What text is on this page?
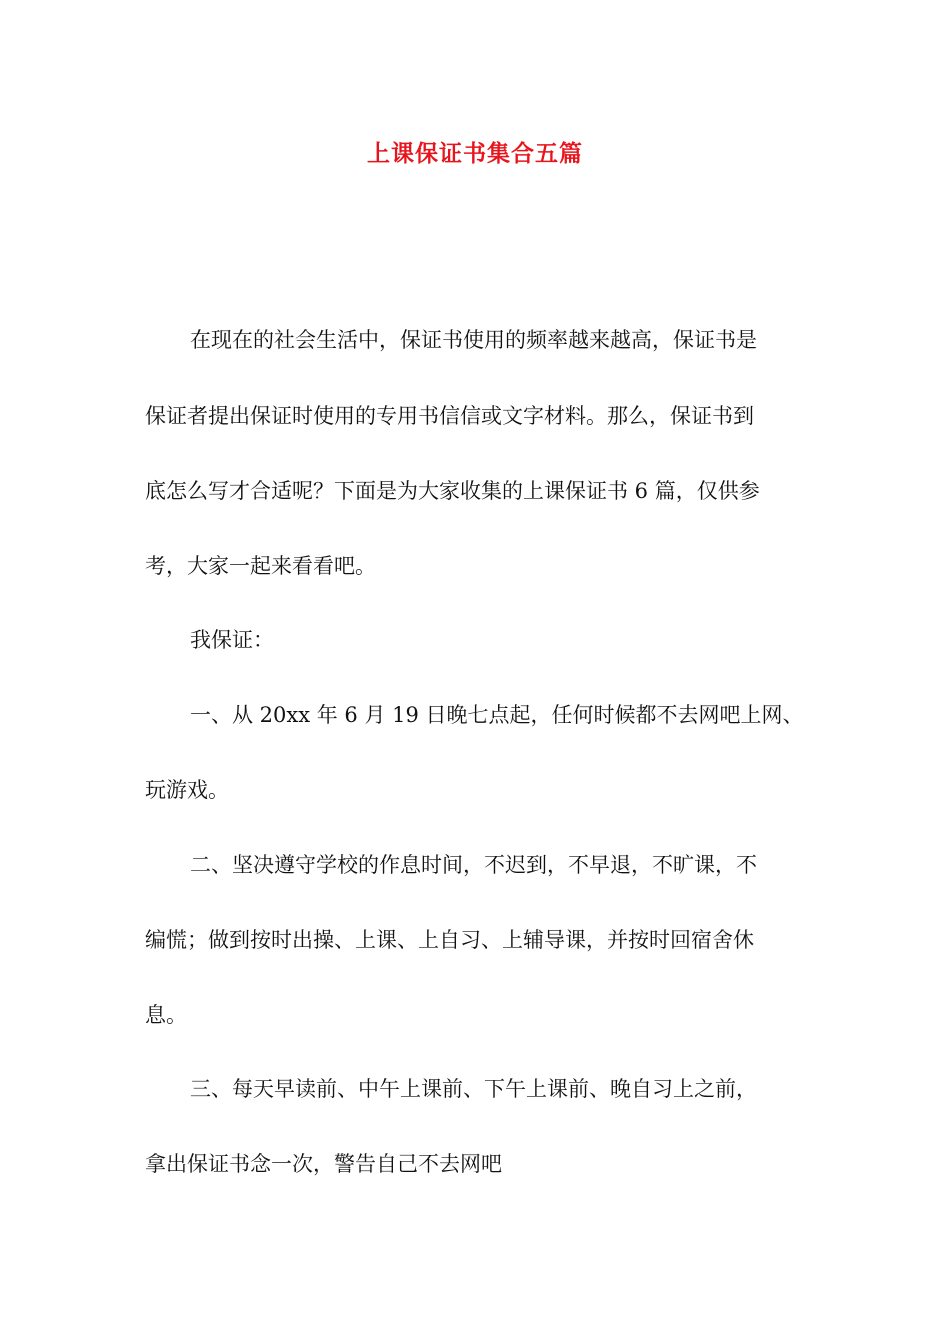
上课保证书集合五篇
在现在的社会生活中，保证书使用的频率越来越高，保证书是
保证者提出保证时使用的专用书信信或文字材料。那么，保证书到
底怎么写才合适呢？下面是为大家收集的上课保证书 6 篇，仅供参
考，大家一起来看看吧。
我保证：
一、从 20xx 年 6 月 19 日晚七点起，任何时候都不去网吧上网、
玩游戏。
二、坚决遵守学校的作息时间，不迟到，不早退，不旷课，不
编慌；做到按时出操、上课、上自习、上辅导课，并按时回宿舍休
息。
三、每天早读前、中午上课前、下午上课前、晚自习上之前，
拿出保证书念一次，警告自己不去网吧
